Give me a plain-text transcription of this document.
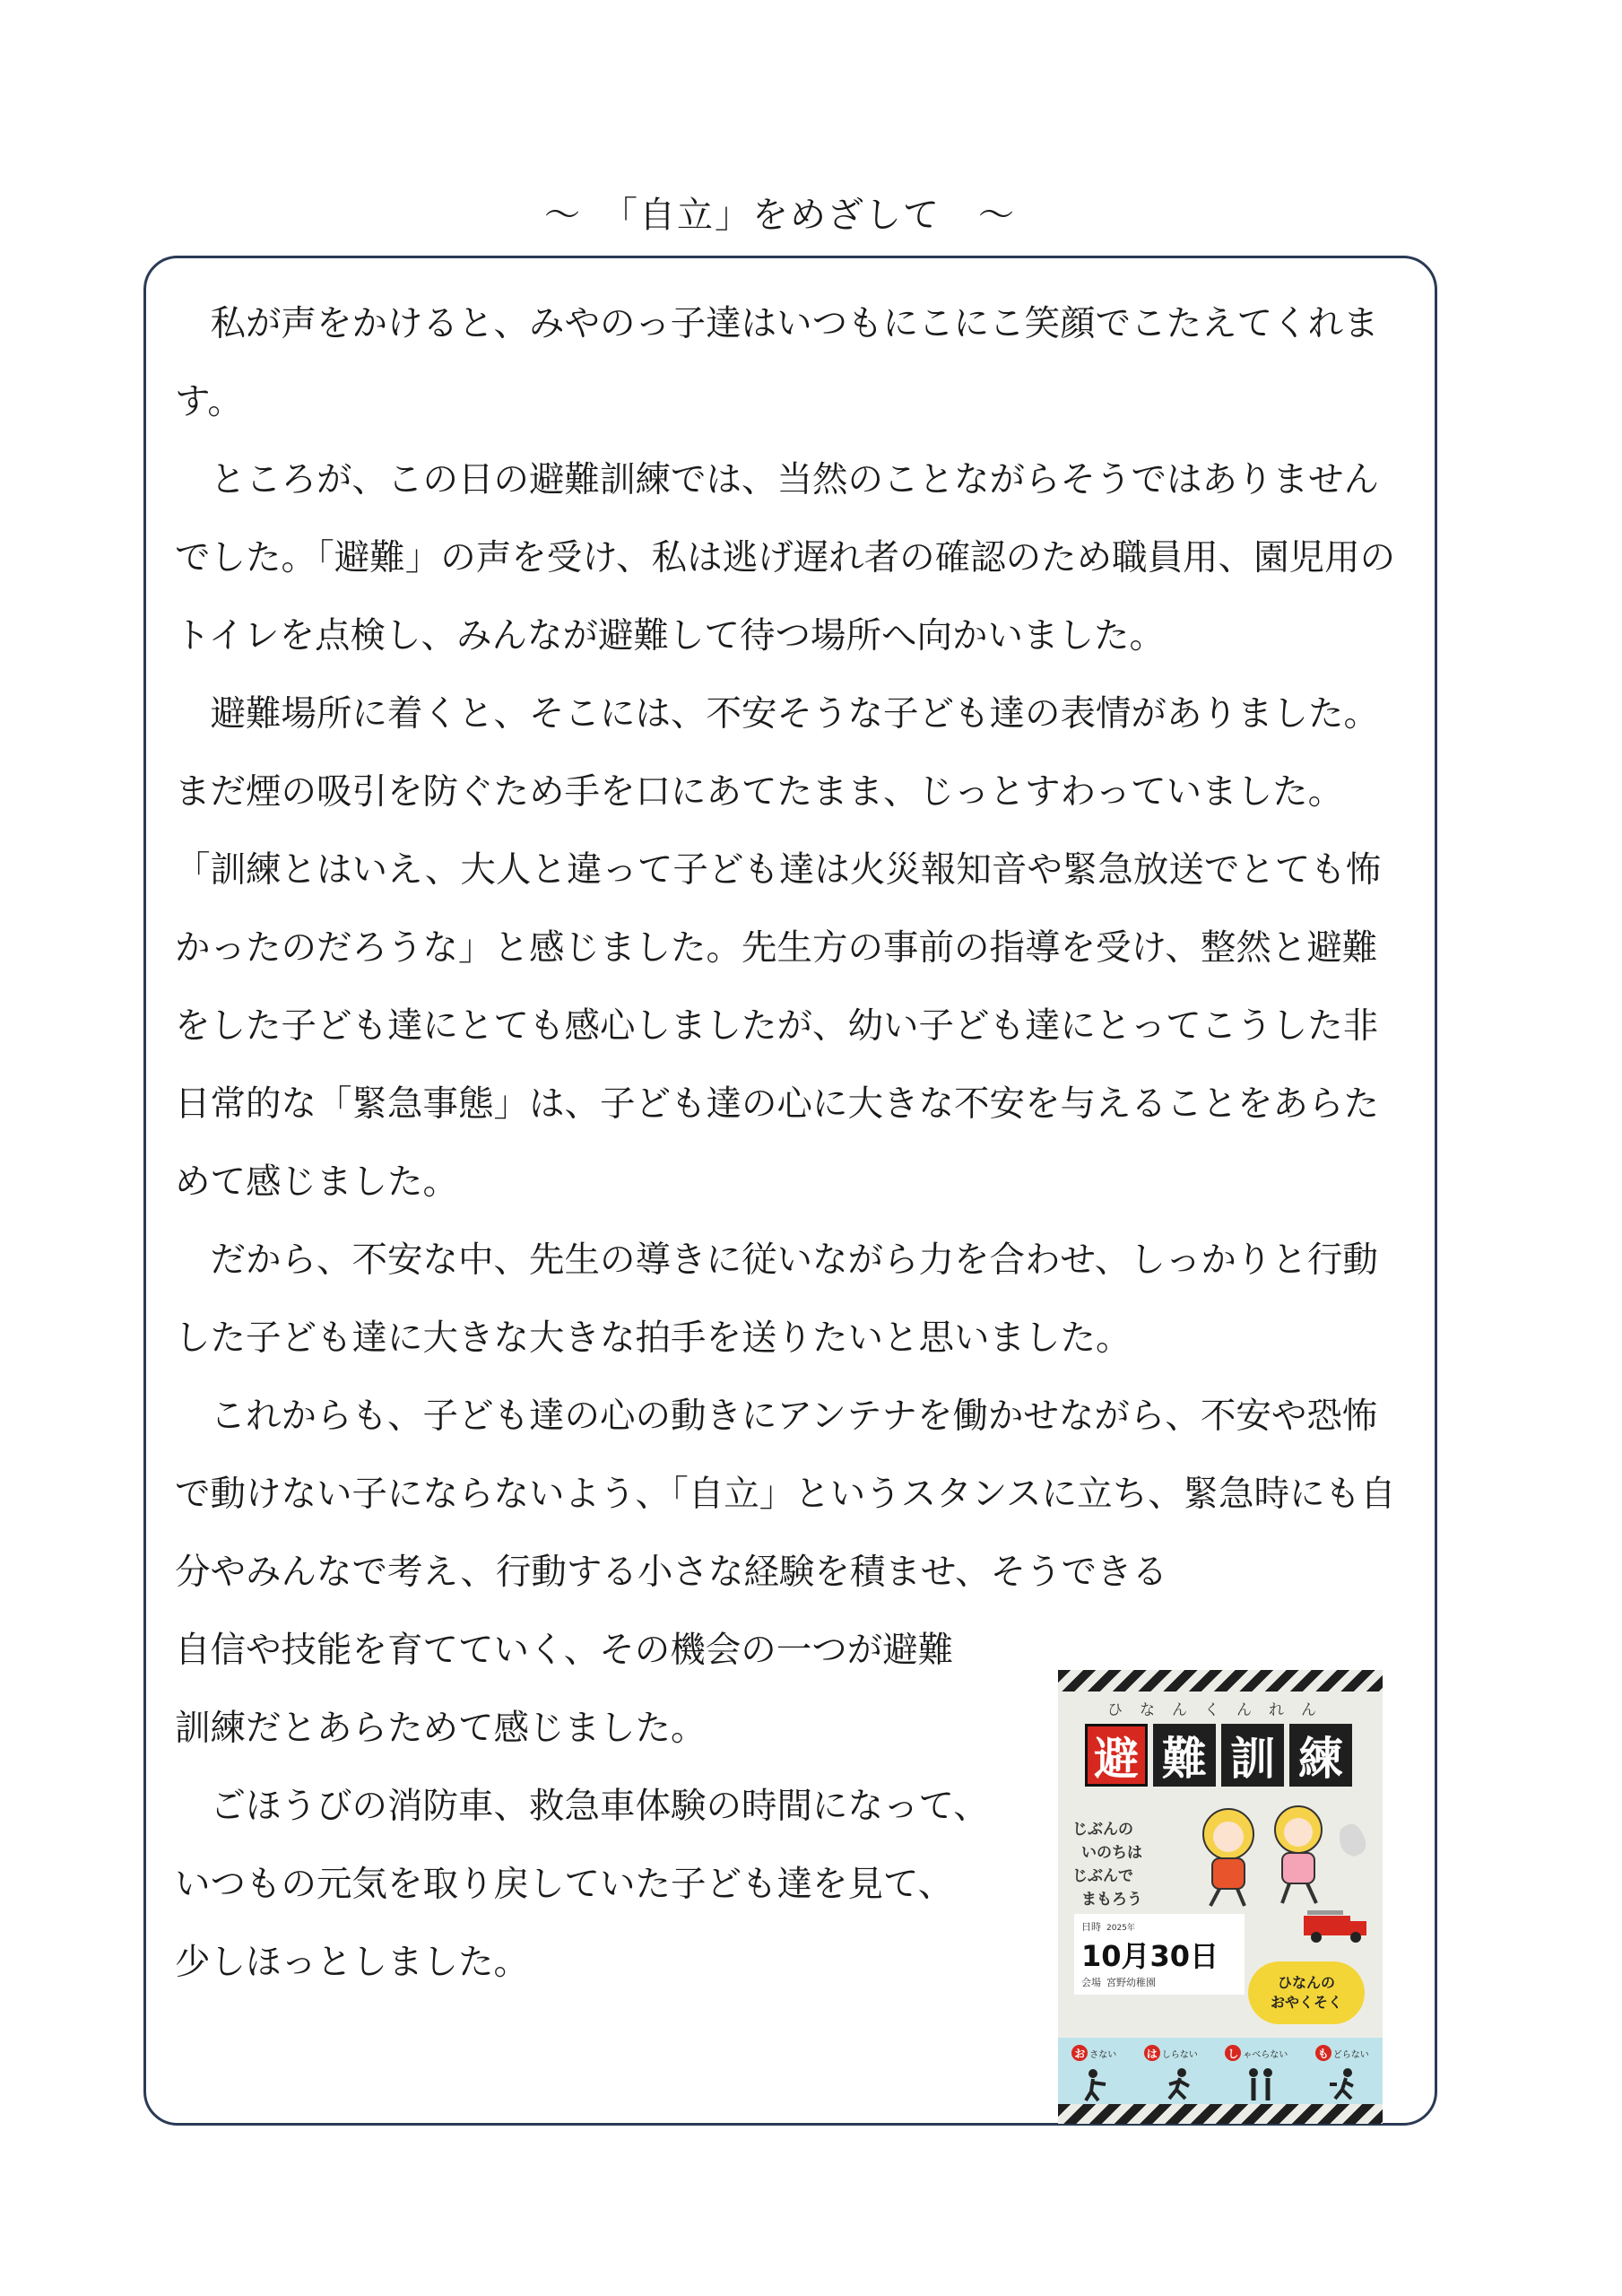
～　「自立」をめざして　～

私が声をかけると、みやのっ子達はいつもにこにこ笑顔でこたえてくれます。

ところが、この日の避難訓練では、当然のことながらそうではありませんでした。「避難」の声を受け、私は逃げ遅れ者の確認のため職員用、園児用のトイレを点検し、みんなが避難して待つ場所へ向かいました。

避難場所に着くと、そこには、不安そうな子ども達の表情がありました。まだ煙の吸引を防ぐため手を口にあてたまま、じっとすわっていました。

「訓練とはいえ、大人と違って子ども達は火災報知音や緊急放送でとても怖かったのだろうな」と感じました。先生方の事前の指導を受け、整然と避難をした子ども達にとても感心しましたが、幼い子ども達にとってこうした非日常的な「緊急事態」は、子ども達の心に大きな不安を与えることをあらためて感じました。

だから、不安な中、先生の導きに従いながら力を合わせ、しっかりと行動した子ども達に大きな大きな拍手を送りたいと思いました。

これからも、子ども達の心の動きにアンテナを働かせながら、不安や恐怖で動けない子にならないよう、「自立」というスタンスに立ち、緊急時にも自分やみんなで考え、行動する小さな経験を積ませ、そうできる

自信や技能を育てていく、その機会の一つが避難

訓練だとあらためて感じました。

ごほうびの消防車、救急車体験の時間になって、

いつもの元気を取り戻していた子ども達を見て、

少しほっとしました。

ひなんくんれん
避 難 訓 練
じぶんの
いのちは
じぶんで
まもろう
日時 2025年
10月30日
会場 宮野幼稚園	ひなんの
おやくそく
お さない	は しらない	し ゃべらない	も どらない
